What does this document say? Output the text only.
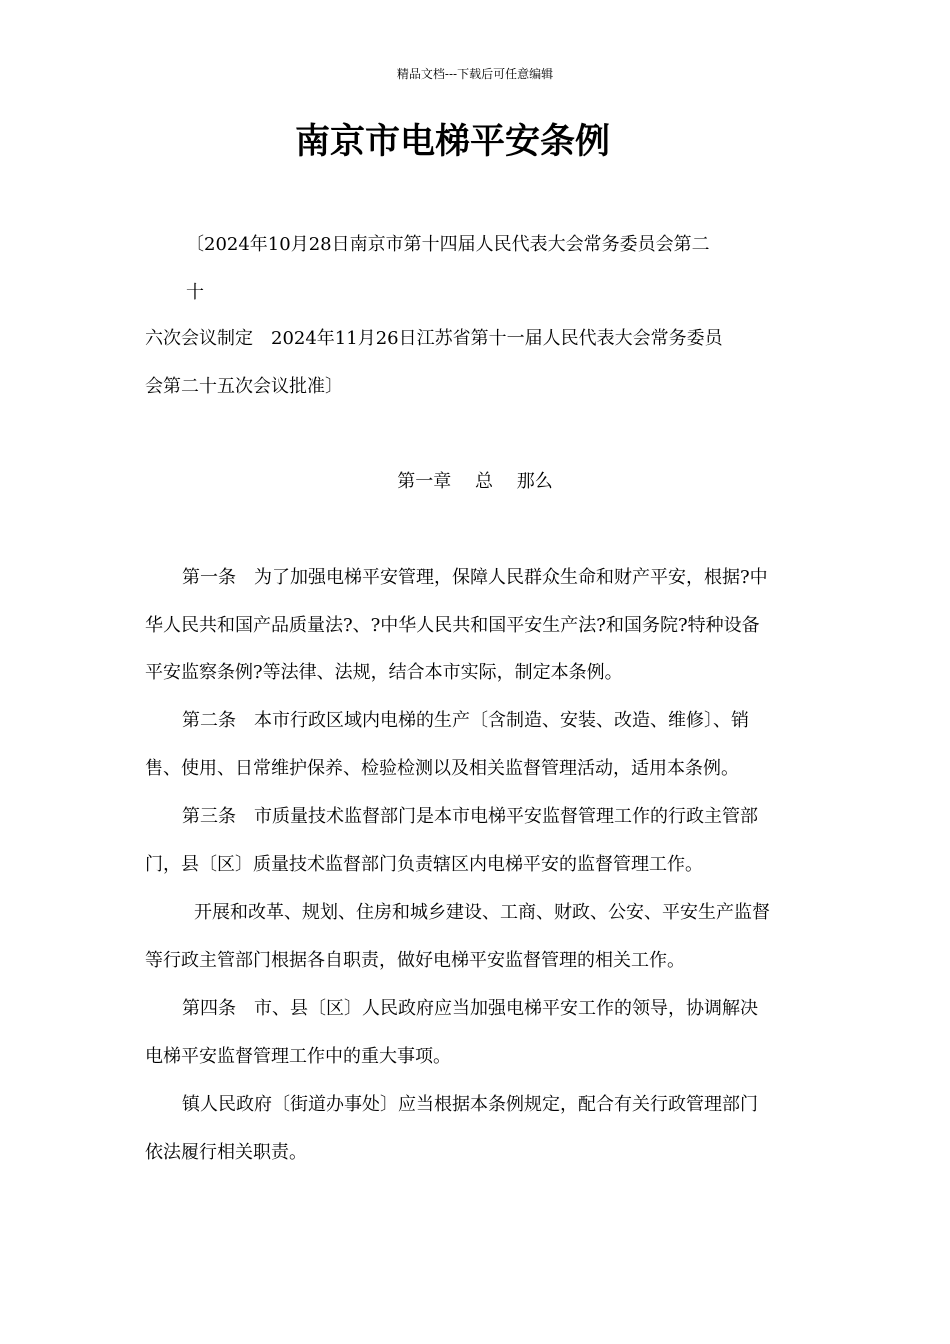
精品文档---下载后可任意编辑
南京市电梯平安条例
〔2024年10月28日南京市第十四届人民代表大会常务委员会第二
十
六次会议制定　2024年11月26日江苏省第十一届人民代表大会常务委员
会第二十五次会议批准〕
第一章　 总　 那么
第一条　为了加强电梯平安管理，保障人民群众生命和财产平安，根据?中
华人民共和国产品质量法?、?中华人民共和国平安生产法?和国务院?特种设备
平安监察条例?等法律、法规，结合本市实际，制定本条例。
第二条　本市行政区域内电梯的生产〔含制造、安装、改造、维修〕、销
售、使用、日常维护保养、检验检测以及相关监督管理活动，适用本条例。
第三条　市质量技术监督部门是本市电梯平安监督管理工作的行政主管部
门，县〔区〕质量技术监督部门负责辖区内电梯平安的监督管理工作。
开展和改革、规划、住房和城乡建设、工商、财政、公安、平安生产监督
等行政主管部门根据各自职责，做好电梯平安监督管理的相关工作。
第四条　市、县〔区〕人民政府应当加强电梯平安工作的领导，协调解决
电梯平安监督管理工作中的重大事项。
镇人民政府〔街道办事处〕应当根据本条例规定，配合有关行政管理部门
依法履行相关职责。
